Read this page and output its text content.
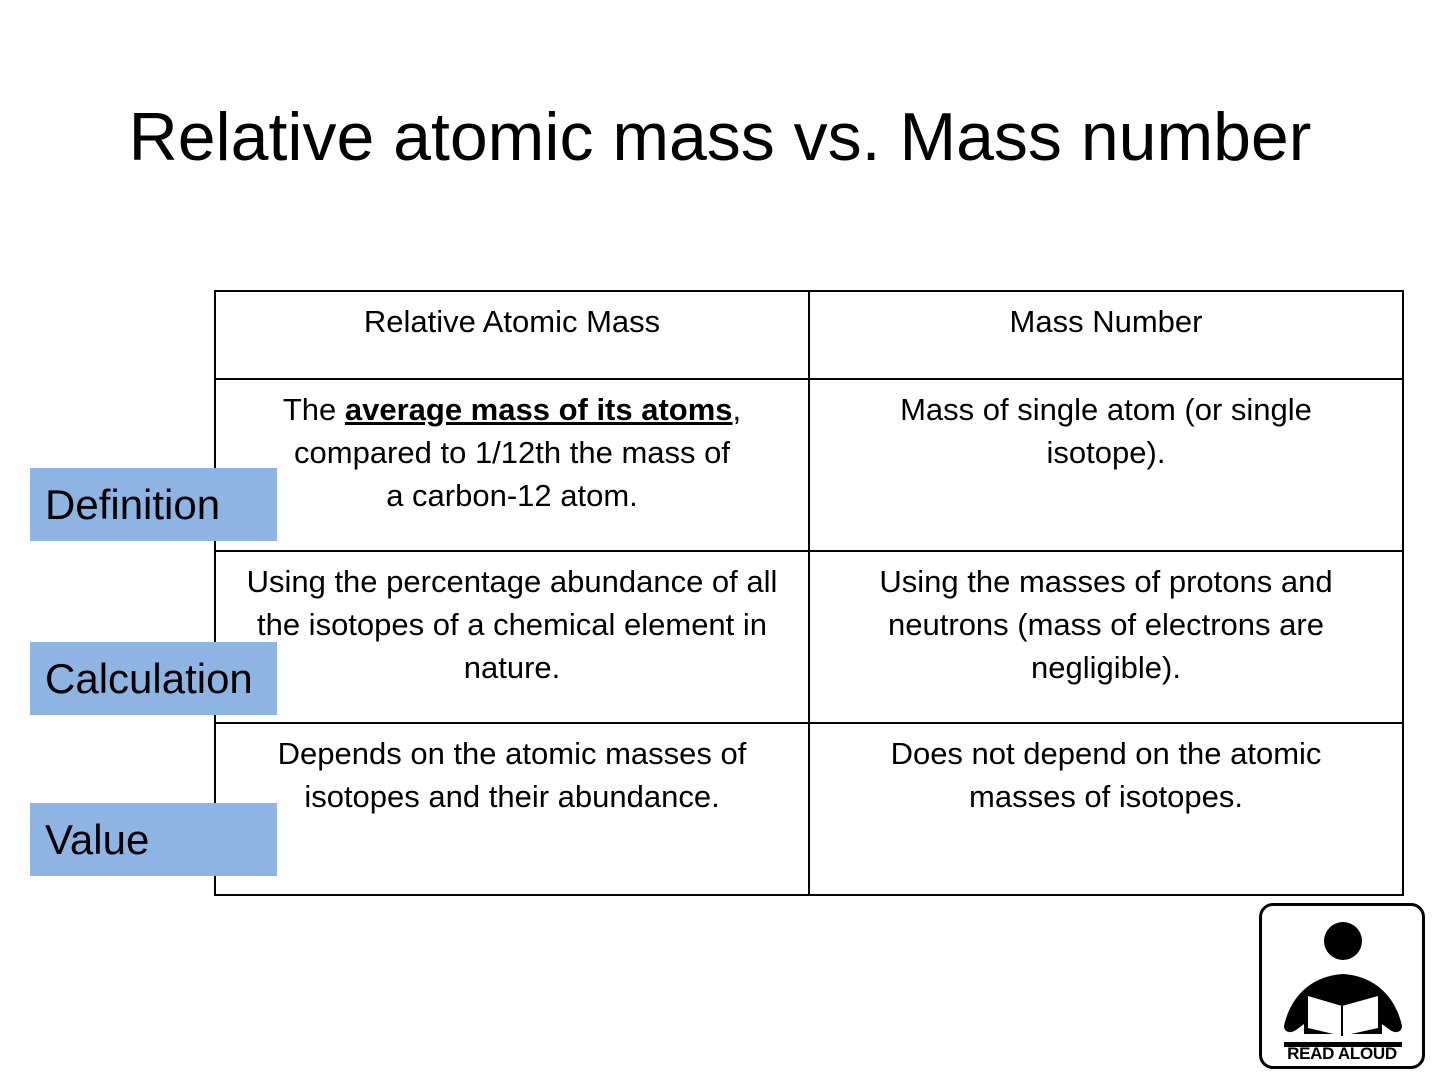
Relative atomic mass vs. Mass number
Relative Atomic Mass	Mass Number
The average mass of its atoms,
compared to 1/12th the mass of
a carbon-12 atom.	Mass of single atom (or single isotope).

Using the percentage abundance of all the isotopes of a chemical element in nature.	Using the masses of protons and neutrons (mass of electrons are negligible).

Depends on the atomic masses of isotopes and their abundance.	Does not depend on the atomic masses of isotopes.
Definition
Calculation
Value
READ ALOUD
